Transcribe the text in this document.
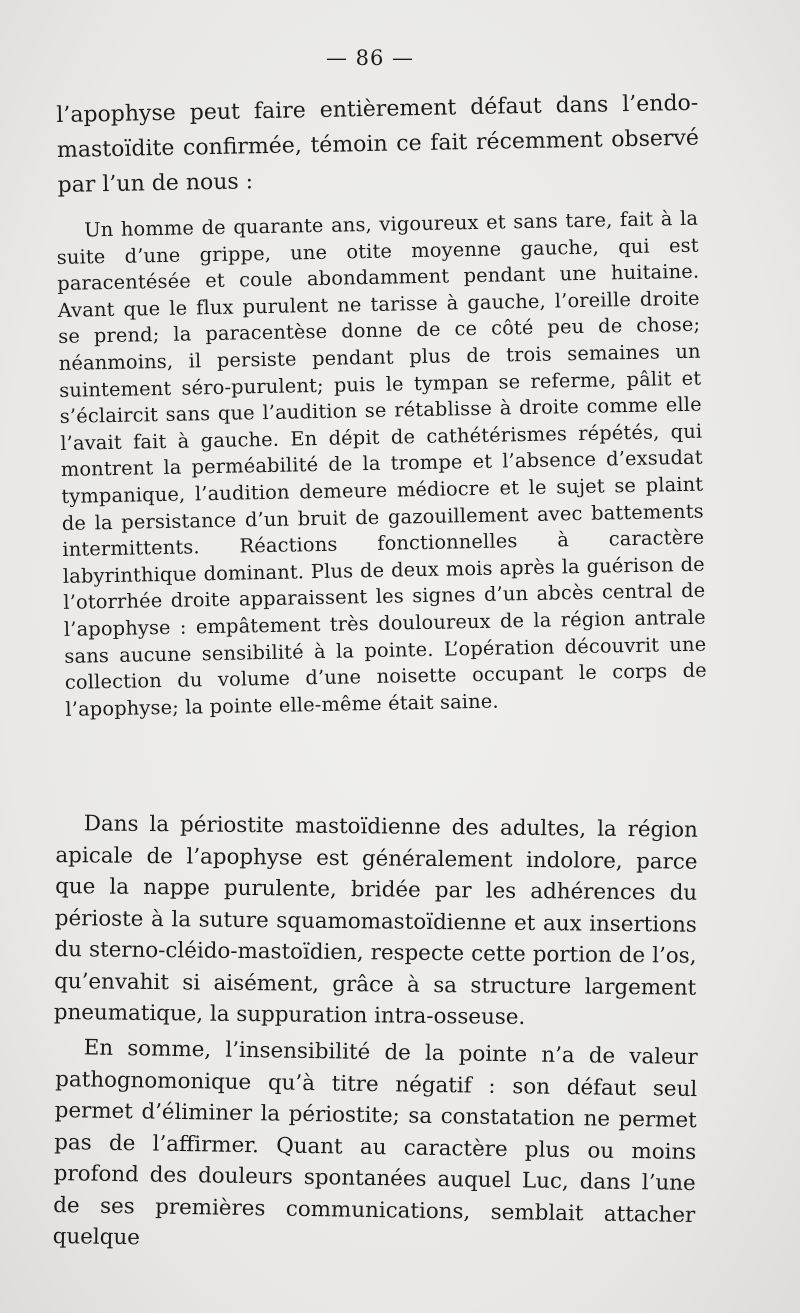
— 86 —

l’apophyse peut faire entièrement défaut dans l’endo-mastoïdite confirmée, témoin ce fait récemment observé par l’un de nous :

Un homme de quarante ans, vigoureux et sans tare, fait à la suite d’une grippe, une otite moyenne gauche, qui est paracentésée et coule abondamment pendant une huitaine. Avant que le flux purulent ne tarisse à gauche, l’oreille droite se prend; la paracentèse donne de ce côté peu de chose; néanmoins, il persiste pendant plus de trois semaines un suintement séro-purulent; puis le tympan se referme, pâlit et s’éclaircit sans que l’audition se rétablisse à droite comme elle l’avait fait à gauche. En dépit de cathétérismes répétés, qui montrent la perméabilité de la trompe et l’absence d’exsudat tympanique, l’audition demeure médiocre et le sujet se plaint de la persistance d’un bruit de gazouillement avec battements intermittents. Réactions fonctionnelles à caractère labyrinthique dominant. Plus de deux mois après la guérison de l’otorrhée droite apparaissent les signes d’un abcès central de l’apophyse : empâtement très douloureux de la région antrale sans aucune sensibilité à la pointe. L’opération découvrit une collection du volume d’une noisette occupant le corps de l’apophyse; la pointe elle-même était saine.

Dans la périostite mastoïdienne des adultes, la région apicale de l’apophyse est généralement indolore, parce que la nappe purulente, bridée par les adhérences du périoste à la suture squamomastoïdienne et aux insertions du sterno-cléido-mastoïdien, respecte cette portion de l’os, qu’envahit si aisément, grâce à sa structure largement pneumatique, la suppuration intra-osseuse.

En somme, l’insensibilité de la pointe n’a de valeur pathognomonique qu’à titre négatif : son défaut seul permet d’éliminer la périostite; sa constatation ne permet pas de l’affirmer. Quant au caractère plus ou moins profond des douleurs spontanées auquel Luc, dans l’une de ses premières communications, semblait attacher quelque
